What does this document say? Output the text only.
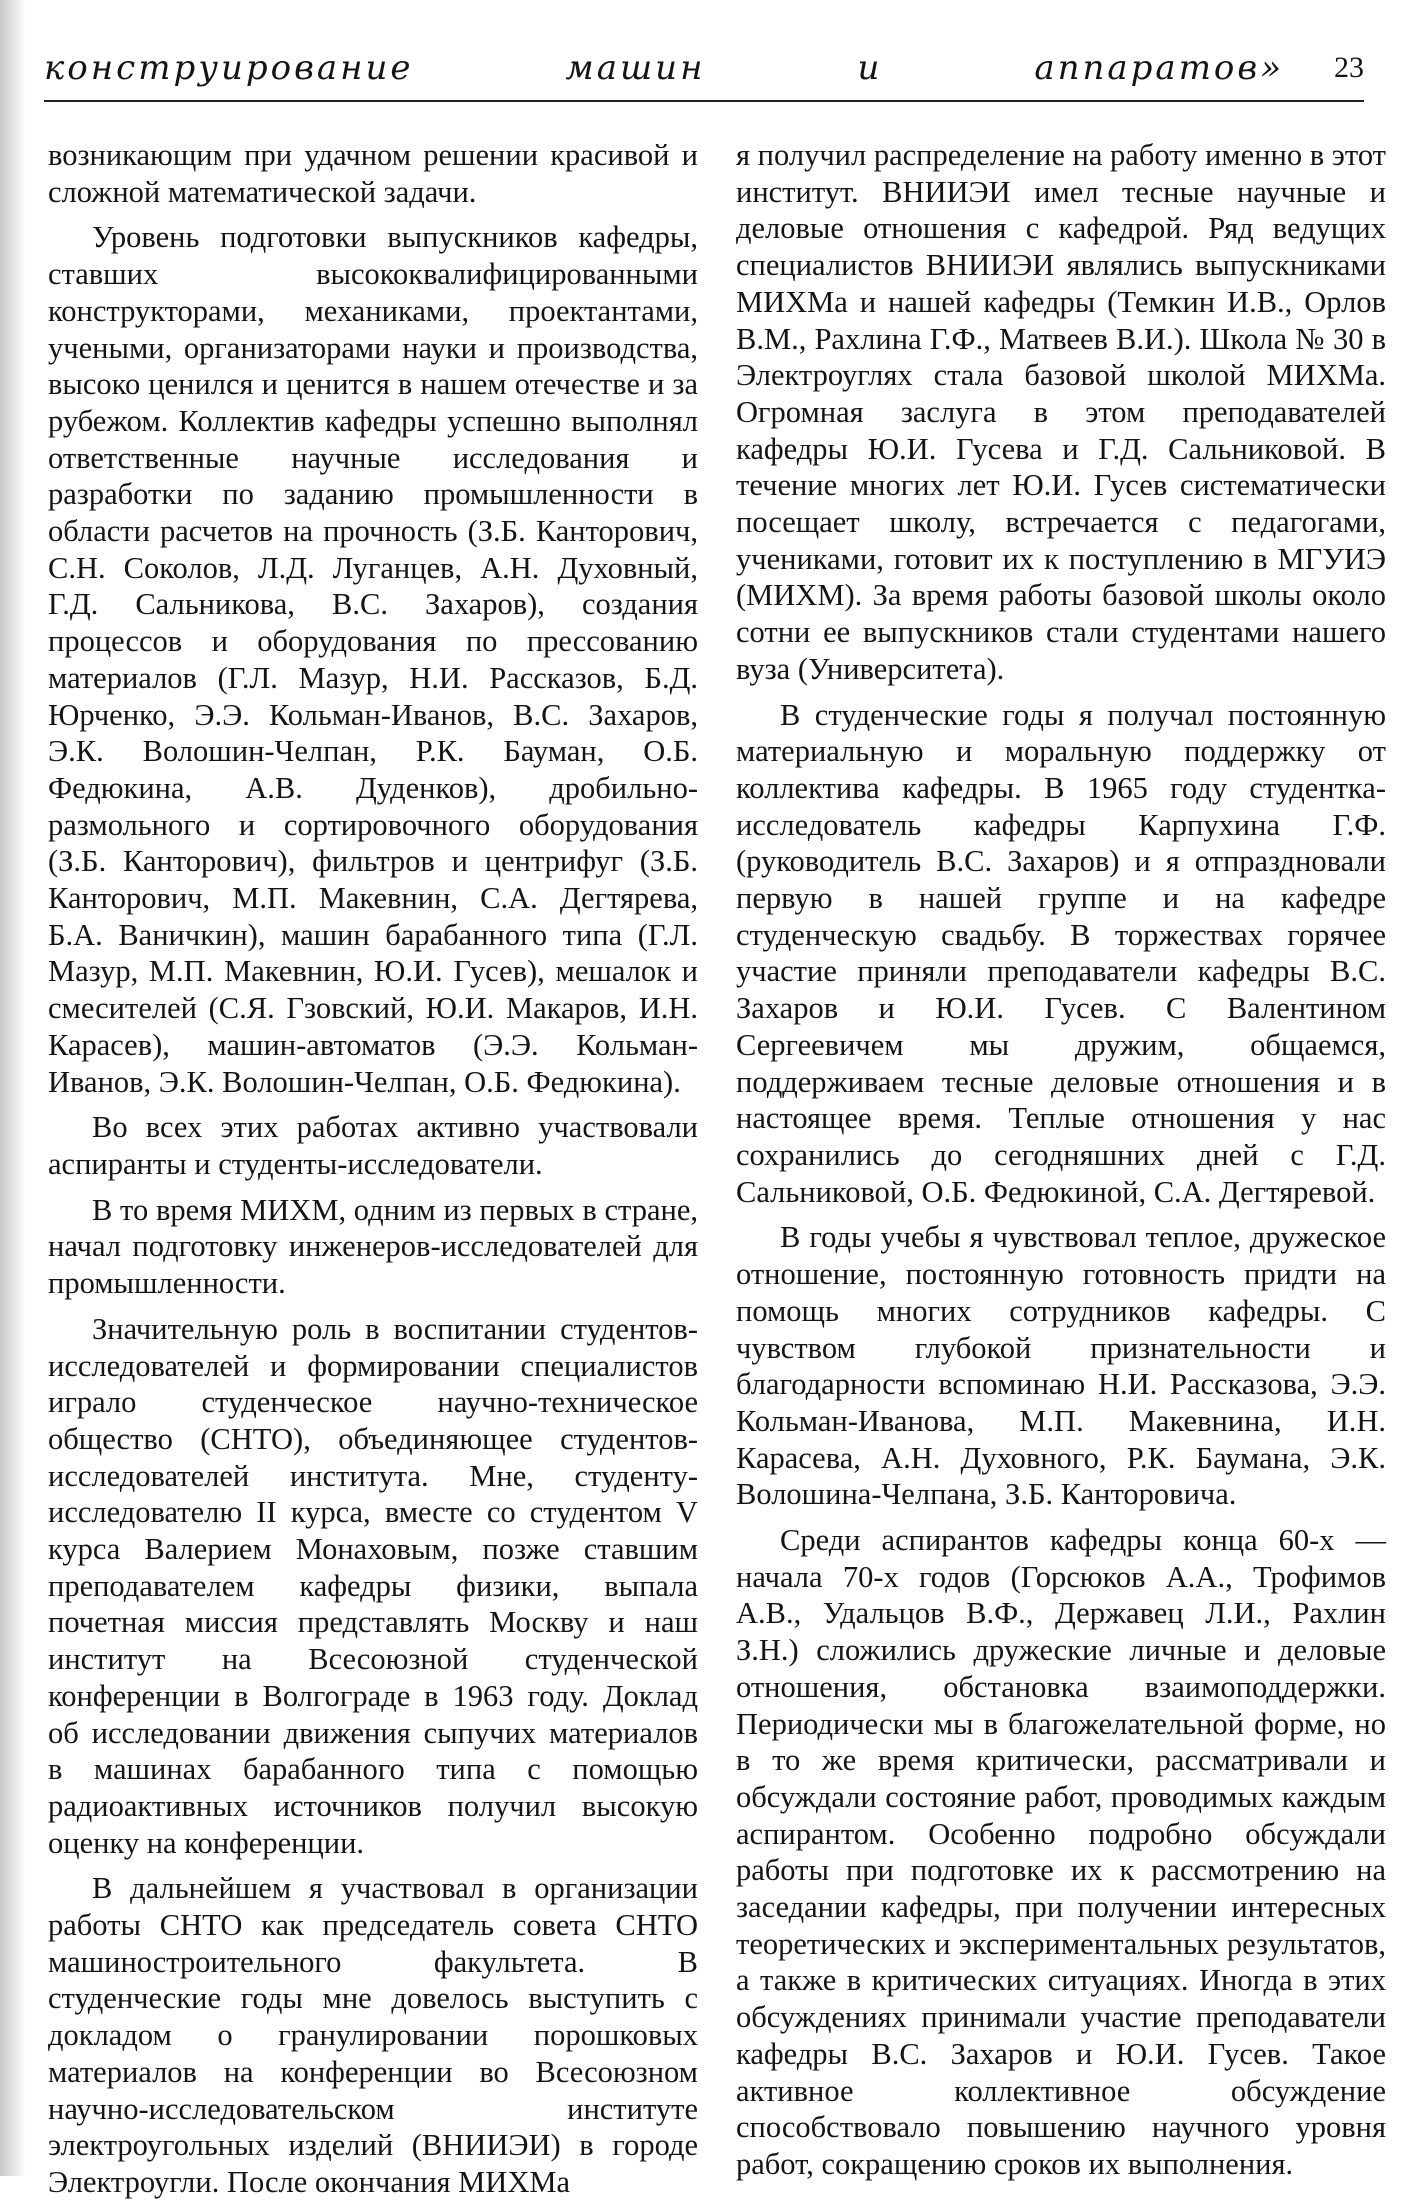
конструирование машин и аппаратов» 23

возникающим при удачном решении красивой и сложной математической задачи.

Уровень подготовки выпускников кафедры, ставших высококвалифицированными конструкторами, механиками, проектантами, учеными, организаторами науки и производства, высоко ценился и ценится в нашем отечестве и за рубежом. Коллектив кафедры успешно выполнял ответственные научные исследования и разработки по заданию промышленности в области расчетов на прочность (З.Б. Канторович, С.Н. Соколов, Л.Д. Луганцев, А.Н. Духовный, Г.Д. Сальникова, В.С. Захаров), создания процессов и оборудования по прессованию материалов (Г.Л. Мазур, Н.И. Рассказов, Б.Д. Юрченко, Э.Э. Кольман-Иванов, В.С. Захаров, Э.К. Волошин-Челпан, Р.К. Бауман, О.Б. Федюкина, А.В. Дуденков), дробильно-размольного и сортировочного оборудования (З.Б. Канторович), фильтров и центрифуг (З.Б. Канторович, М.П. Макевнин, С.А. Дегтярева, Б.А. Ваничкин), машин барабанного типа (Г.Л. Мазур, М.П. Макевнин, Ю.И. Гусев), мешалок и смесителей (С.Я. Гзовский, Ю.И. Макаров, И.Н. Карасев), машин-автоматов (Э.Э. Кольман-Иванов, Э.К. Волошин-Челпан, О.Б. Федюкина).

Во всех этих работах активно участвовали аспиранты и студенты-исследователи.

В то время МИХМ, одним из первых в стране, начал подготовку инженеров-исследователей для промышленности.

Значительную роль в воспитании студентов-исследователей и формировании специалистов играло студенческое научно-техническое общество (СНТО), объединяющее студентов-исследователей института. Мне, студенту-исследователю II курса, вместе со студентом V курса Валерием Монаховым, позже ставшим преподавателем кафедры физики, выпала почетная миссия представлять Москву и наш институт на Всесоюзной студенческой конференции в Волгограде в 1963 году. Доклад об исследовании движения сыпучих материалов в машинах барабанного типа с помощью радиоактивных источников получил высокую оценку на конференции.

В дальнейшем я участвовал в организации работы СНТО как председатель совета СНТО машиностроительного факультета. В студенческие годы мне довелось выступить с докладом о гранулировании порошковых материалов на конференции во Всесоюзном научно-исследовательском институте электроугольных изделий (ВНИИЭИ) в городе Электроугли. После окончания МИХМа

я получил распределение на работу именно в этот институт. ВНИИЭИ имел тесные научные и деловые отношения с кафедрой. Ряд ведущих специалистов ВНИИЭИ являлись выпускниками МИХМа и нашей кафедры (Темкин И.В., Орлов В.М., Рахлина Г.Ф., Матвеев В.И.). Школа № 30 в Электроуглях стала базовой школой МИХМа. Огромная заслуга в этом преподавателей кафедры Ю.И. Гусева и Г.Д. Сальниковой. В течение многих лет Ю.И. Гусев систематически посещает школу, встречается с педагогами, учениками, готовит их к поступлению в МГУИЭ (МИХМ). За время работы базовой школы около сотни ее выпускников стали студентами нашего вуза (Университета).

В студенческие годы я получал постоянную материальную и моральную поддержку от коллектива кафедры. В 1965 году студентка-исследователь кафедры Карпухина Г.Ф. (руководитель В.С. Захаров) и я отпраздновали первую в нашей группе и на кафедре студенческую свадьбу. В торжествах горячее участие приняли преподаватели кафедры В.С. Захаров и Ю.И. Гусев. С Валентином Сергеевичем мы дружим, общаемся, поддерживаем тесные деловые отношения и в настоящее время. Теплые отношения у нас сохранились до сегодняшних дней с Г.Д. Сальниковой, О.Б. Федюкиной, С.А. Дегтяревой.

В годы учебы я чувствовал теплое, дружеское отношение, постоянную готовность придти на помощь многих сотрудников кафедры. С чувством глубокой признательности и благодарности вспоминаю Н.И. Рассказова, Э.Э. Кольман-Иванова, М.П. Макевнина, И.Н. Карасева, А.Н. Духовного, Р.К. Баумана, Э.К. Волошина-Челпана, З.Б. Канторовича.

Среди аспирантов кафедры конца 60-х — начала 70-х годов (Горсюков А.А., Трофимов А.В., Удальцов В.Ф., Державец Л.И., Рахлин З.Н.) сложились дружеские личные и деловые отношения, обстановка взаимоподдержки. Периодически мы в благожелательной форме, но в то же время критически, рассматривали и обсуждали состояние работ, проводимых каждым аспирантом. Особенно подробно обсуждали работы при подготовке их к рассмотрению на заседании кафедры, при получении интересных теоретических и экспериментальных результатов, а также в критических ситуациях. Иногда в этих обсуждениях принимали участие преподаватели кафедры В.С. Захаров и Ю.И. Гусев. Такое активное коллективное обсуждение способствовало повышению научного уровня работ, сокращению сроков их выполнения.
